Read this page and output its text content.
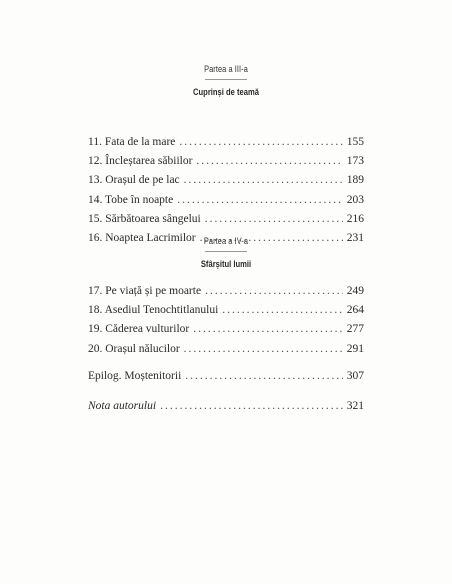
Partea a III-a
Cuprinși de teamă
11. Fata de la mare .....	155
12. Încleștarea săbiilor .....	173
13. Orașul de pe lac .....	189
14. Tobe în noapte .....	203
15. Sărbătoarea sângelui .....	216
16. Noaptea Lacrimilor .....	231
Partea a IV-a
Sfârșitul lumii
17. Pe viață și pe moarte .....	249
18. Asediul Tenochtitlanului .....	264
19. Căderea vulturilor .....	277
20. Orașul nălucilor .....	291
Epilog. Moștenitorii .....	307
Nota autorului .....	321
